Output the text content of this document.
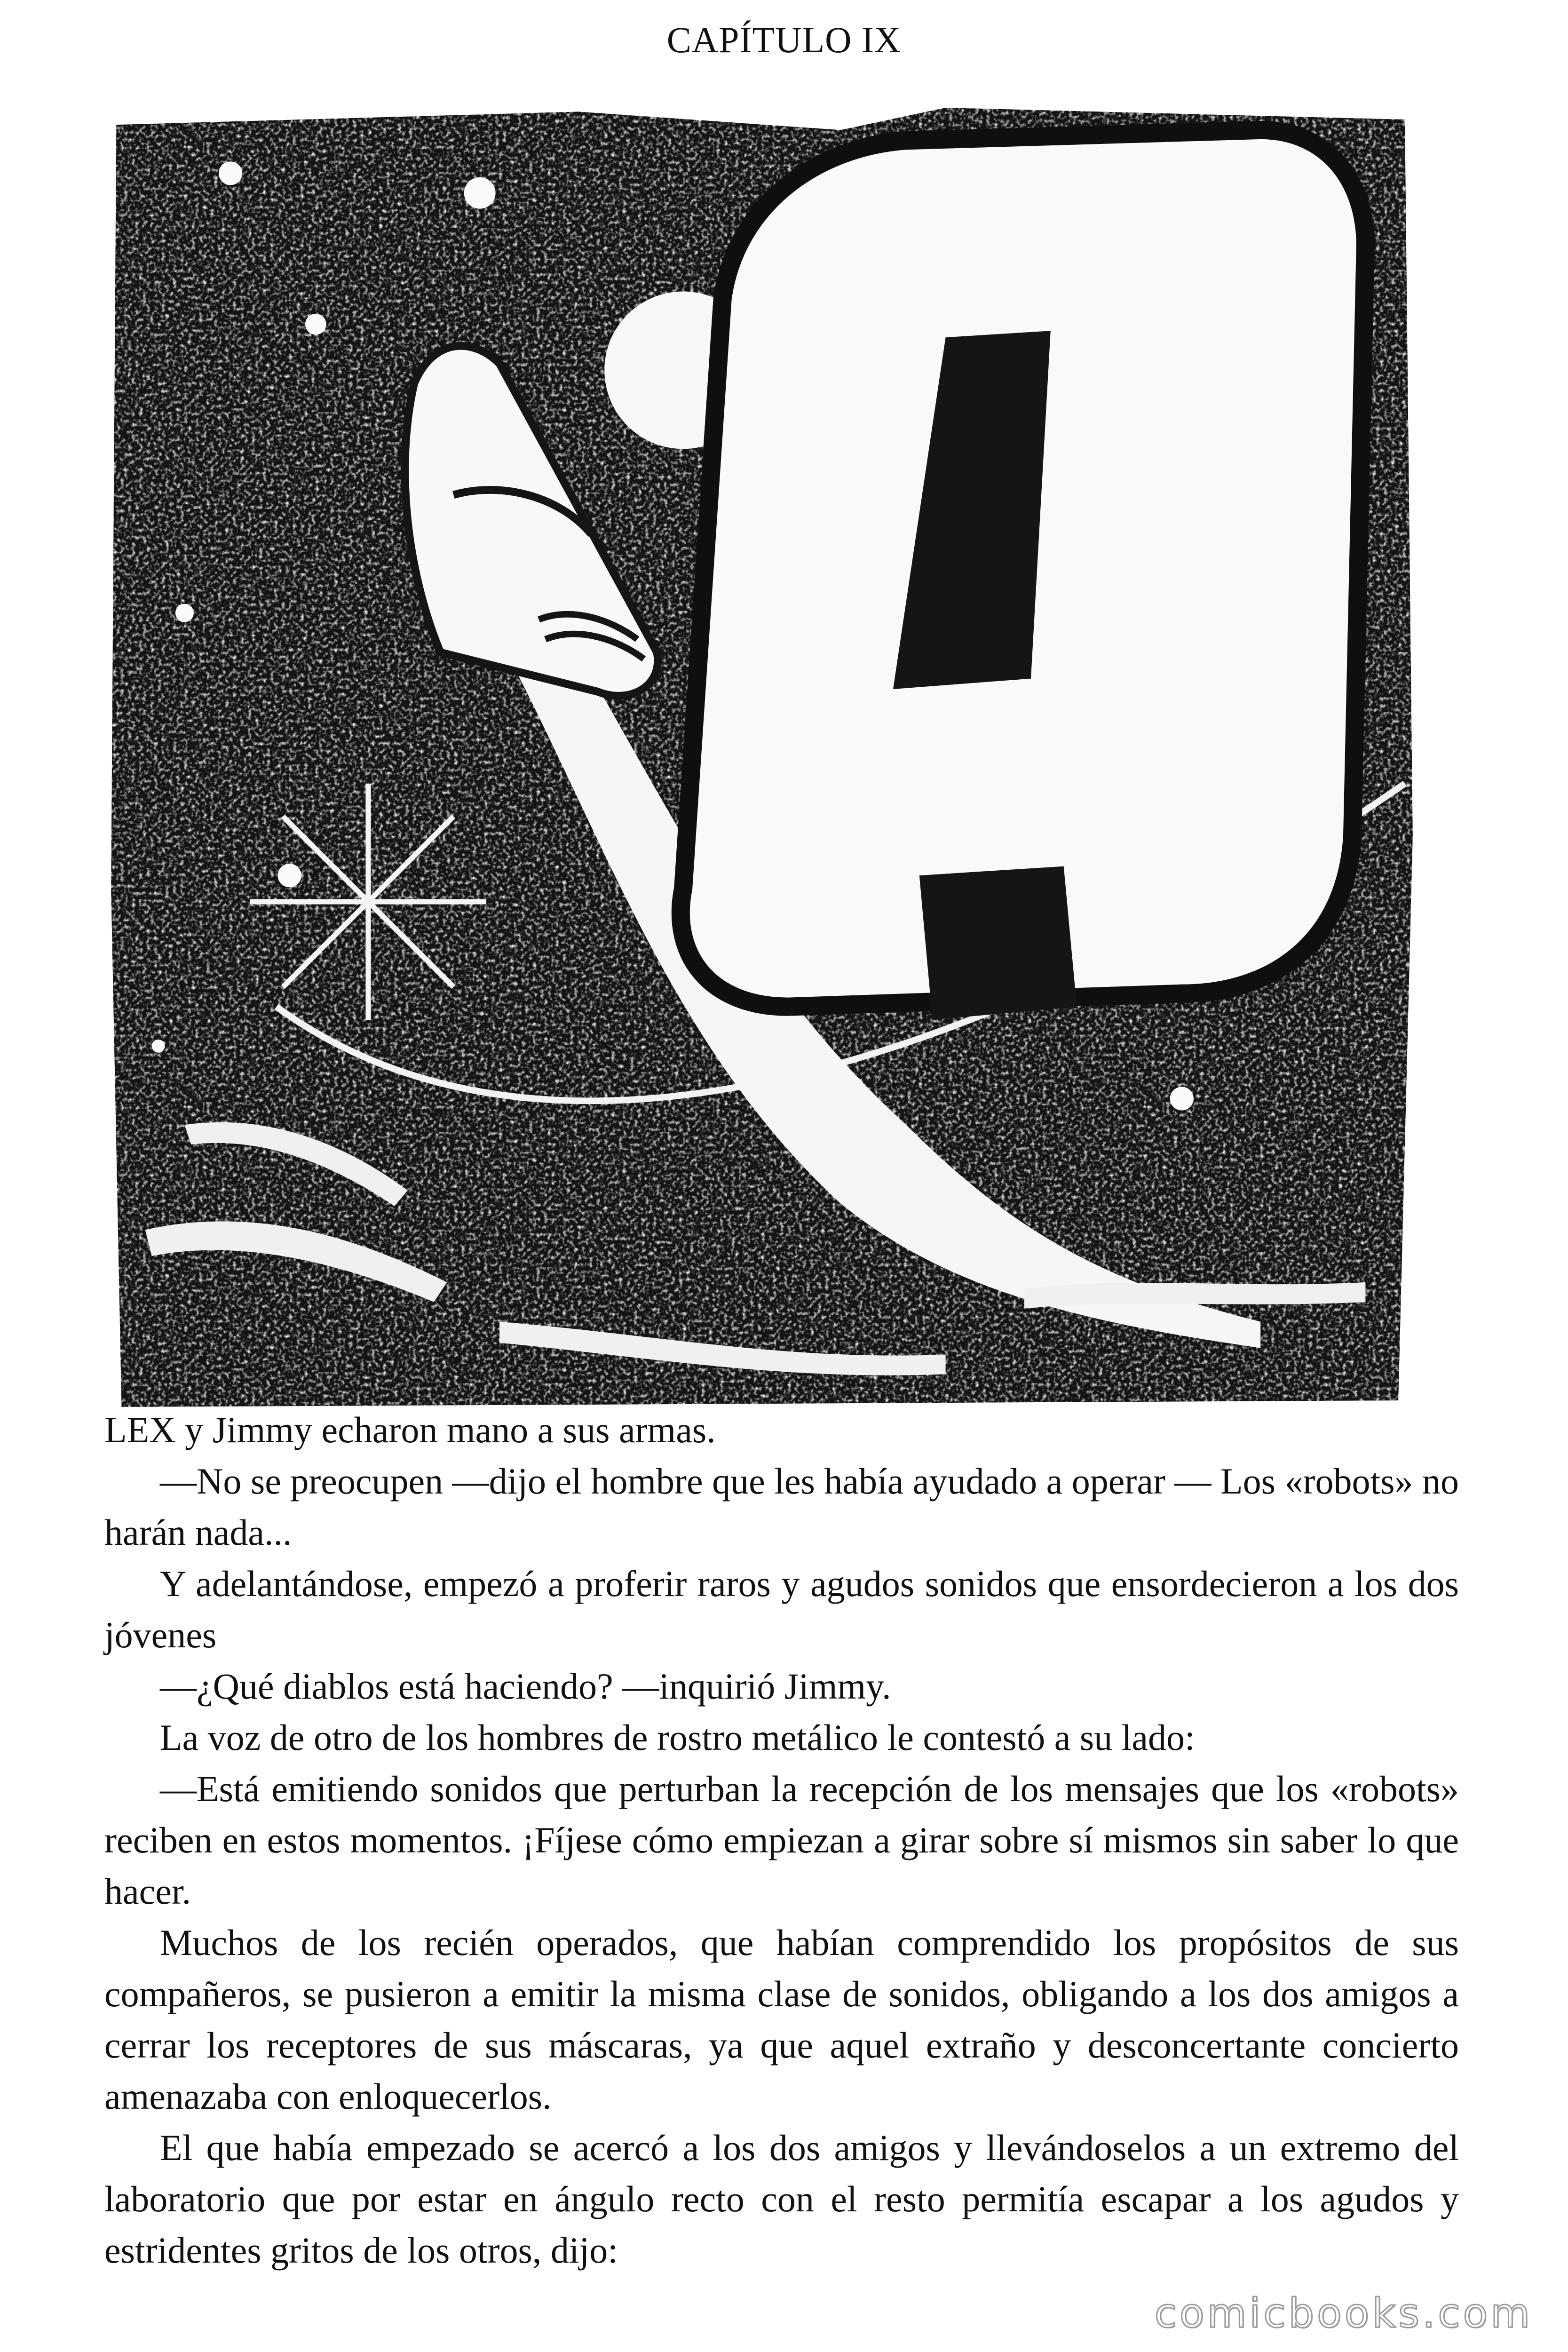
CAPÍTULO IX

LEX y Jimmy echaron mano a sus armas.

—No se preocupen —dijo el hombre que les había ayudado a operar — Los «robots» no harán nada...

Y adelantándose, empezó a proferir raros y agudos sonidos que ensordecieron a los dos jóvenes

—¿Qué diablos está haciendo? —inquirió Jimmy.

La voz de otro de los hombres de rostro metálico le contestó a su lado:

—Está emitiendo sonidos que perturban la recepción de los mensajes que los «robots» reciben en estos momentos. ¡Fíjese cómo empiezan a girar sobre sí mismos sin saber lo que hacer.

Muchos de los recién operados, que habían comprendido los propósitos de sus compañeros, se pusieron a emitir la misma clase de sonidos, obligando a los dos amigos a cerrar los receptores de sus máscaras, ya que aquel extraño y desconcertante concierto amenazaba con enloquecerlos.

El que había empezado se acercó a los dos amigos y llevándoselos a un extremo del laboratorio que por estar en ángulo recto con el resto permitía escapar a los agudos y estridentes gritos de los otros, dijo:

comicbooks.com
